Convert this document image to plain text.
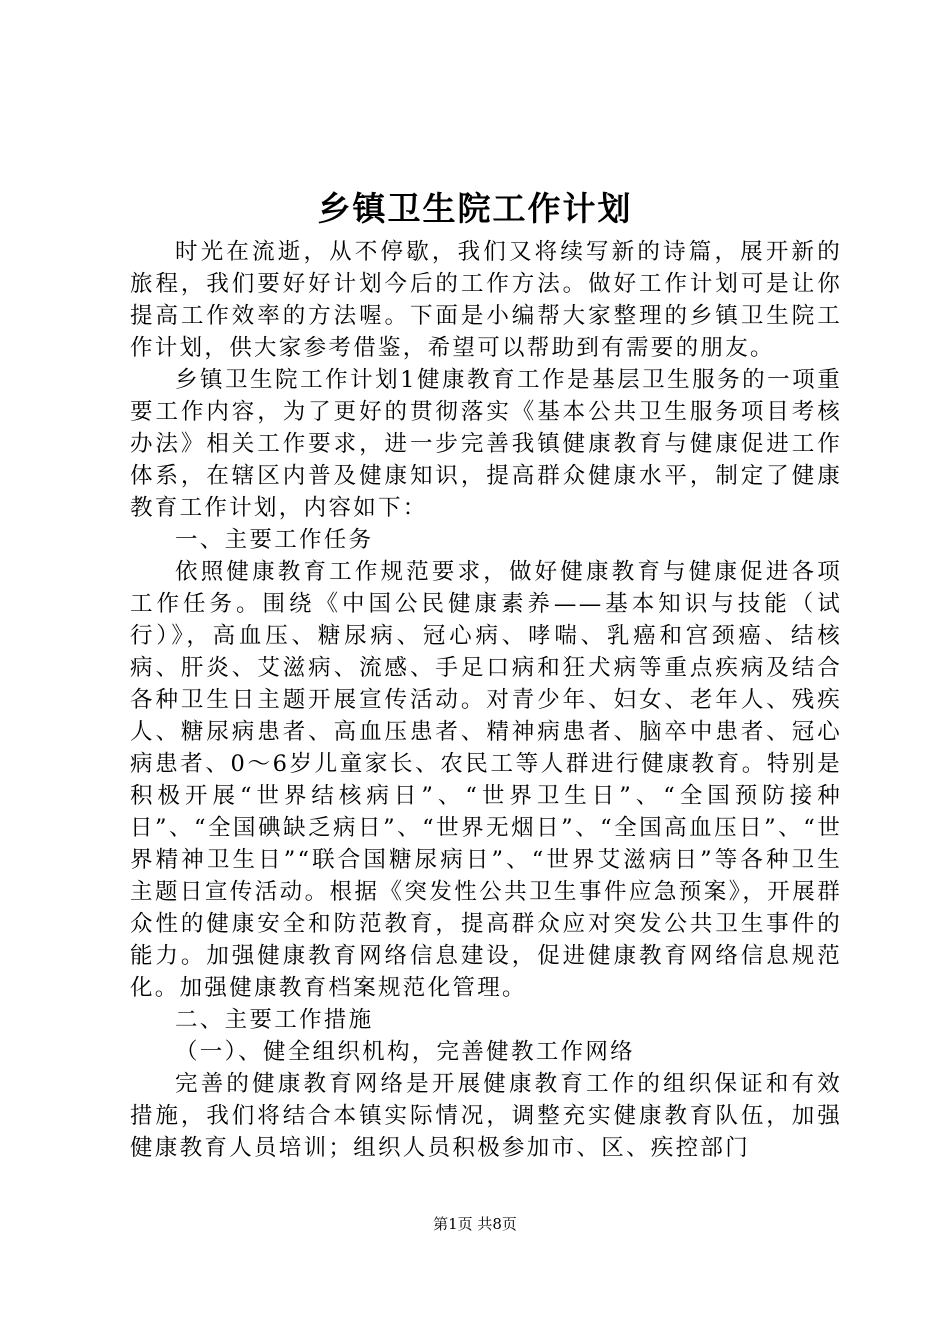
乡镇卫生院工作计划

时光在流逝，从不停歇，我们又将续写新的诗篇，展开新的旅程，我们要好好计划今后的工作方法。做好工作计划可是让你提高工作效率的方法喔。下面是小编帮大家整理的乡镇卫生院工作计划，供大家参考借鉴，希望可以帮助到有需要的朋友。

乡镇卫生院工作计划1健康教育工作是基层卫生服务的一项重要工作内容，为了更好的贯彻落实《基本公共卫生服务项目考核办法》相关工作要求，进一步完善我镇健康教育与健康促进工作体系，在辖区内普及健康知识，提高群众健康水平，制定了健康教育工作计划，内容如下：

一、主要工作任务

依照健康教育工作规范要求，做好健康教育与健康促进各项工作任务。围绕《中国公民健康素养——基本知识与技能（试行）》，高血压、糖尿病、冠心病、哮喘、乳癌和宫颈癌、结核病、肝炎、艾滋病、流感、手足口病和狂犬病等重点疾病及结合各种卫生日主题开展宣传活动。对青少年、妇女、老年人、残疾人、糖尿病患者、高血压患者、精神病患者、脑卒中患者、冠心病患者、0～6岁儿童家长、农民工等人群进行健康教育。特别是积极开展“世界结核病日”、“世界卫生日”、“全国预防接种日”、“全国碘缺乏病日”、“世界无烟日”、“全国高血压日”、“世界精神卫生日”“联合国糖尿病日”、“世界艾滋病日”等各种卫生主题日宣传活动。根据《突发性公共卫生事件应急预案》，开展群众性的健康安全和防范教育，提高群众应对突发公共卫生事件的能力。加强健康教育网络信息建设，促进健康教育网络信息规范化。加强健康教育档案规范化管理。

二、主要工作措施

（一）、健全组织机构，完善健教工作网络

完善的健康教育网络是开展健康教育工作的组织保证和有效措施，我们将结合本镇实际情况，调整充实健康教育队伍，加强健康教育人员培训；组织人员积极参加市、区、疾控部门

第1页 共8页
